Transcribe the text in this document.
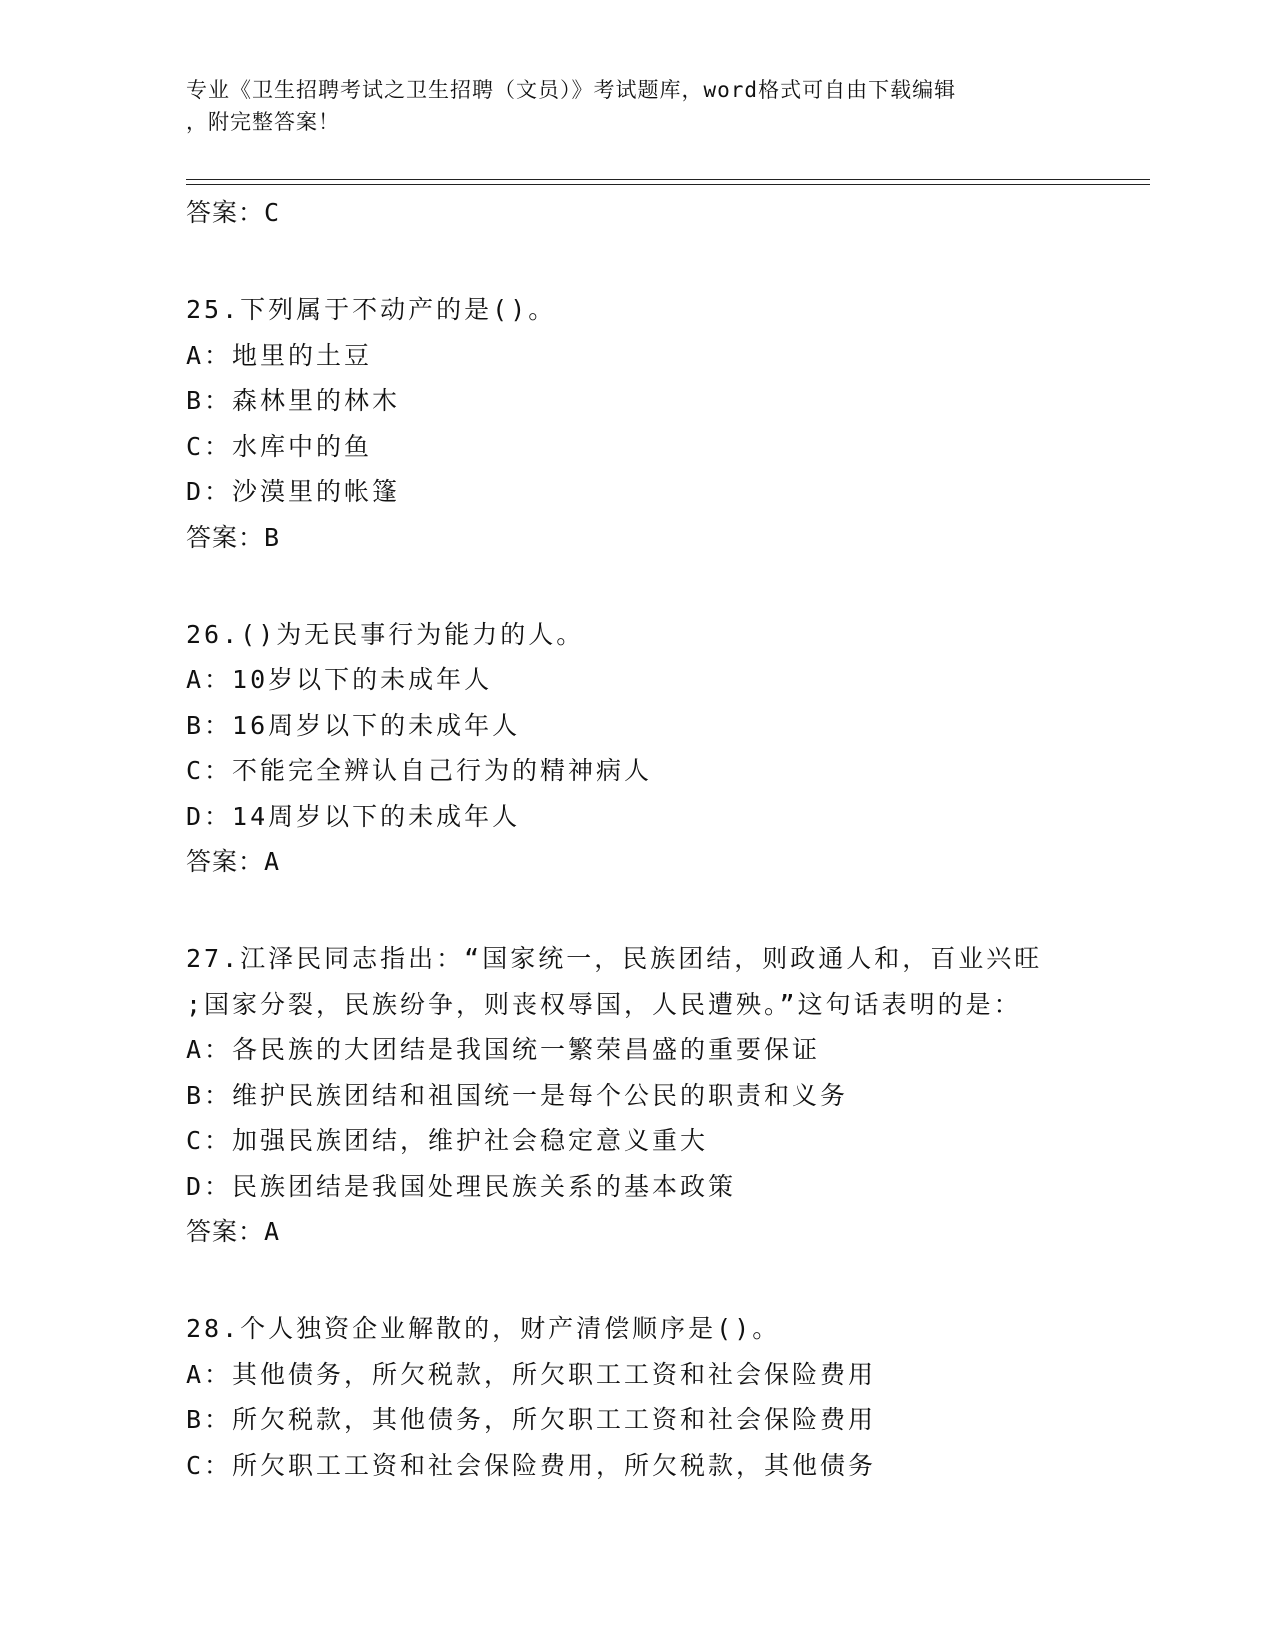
专业《卫生招聘考试之卫生招聘（文员）》考试题库，word格式可自由下载编辑
，附完整答案！
答案：C
25.下列属于不动产的是()。
A：地里的土豆
B：森林里的林木
C：水库中的鱼
D：沙漠里的帐篷
答案：B
26.()为无民事行为能力的人。
A：10岁以下的未成年人
B：16周岁以下的未成年人
C：不能完全辨认自己行为的精神病人
D：14周岁以下的未成年人
答案：A
27.江泽民同志指出：“国家统一，民族团结，则政通人和，百业兴旺
;国家分裂，民族纷争，则丧权辱国，人民遭殃。”这句话表明的是：
A：各民族的大团结是我国统一繁荣昌盛的重要保证
B：维护民族团结和祖国统一是每个公民的职责和义务
C：加强民族团结，维护社会稳定意义重大
D：民族团结是我国处理民族关系的基本政策
答案：A
28.个人独资企业解散的，财产清偿顺序是()。
A：其他债务，所欠税款，所欠职工工资和社会保险费用
B：所欠税款，其他债务，所欠职工工资和社会保险费用
C：所欠职工工资和社会保险费用，所欠税款，其他债务
